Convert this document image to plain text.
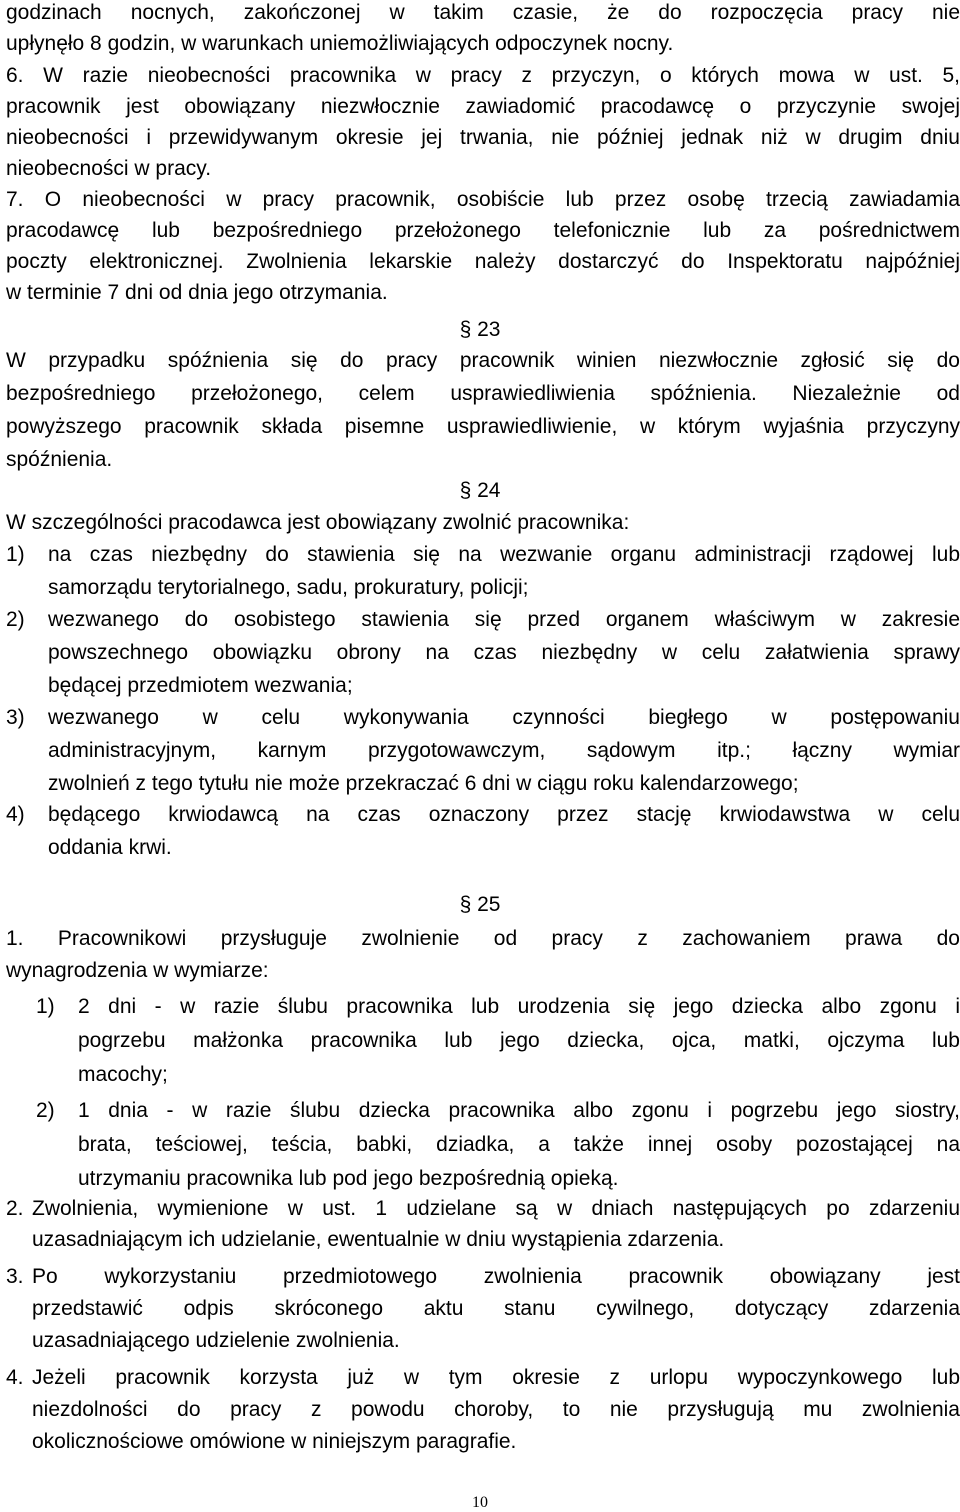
godzinach nocnych, zakończonej w takim czasie, że do rozpoczęcia pracy nie
upłynęło 8 godzin, w warunkach uniemożliwiających odpoczynek nocny.
6. W razie nieobecności pracownika w pracy z przyczyn, o których mowa w ust. 5,
pracownik jest obowiązany niezwłocznie zawiadomić pracodawcę o przyczynie swojej
nieobecności i przewidywanym okresie jej trwania, nie później jednak niż w drugim dniu
nieobecności w pracy.
7. O nieobecności w pracy pracownik, osobiście lub przez osobę trzecią zawiadamia
pracodawcę lub bezpośredniego przełożonego telefonicznie lub za pośrednictwem
poczty elektronicznej. Zwolnienia lekarskie należy dostarczyć do Inspektoratu najpóźniej
w terminie 7 dni od dnia jego otrzymania.
§ 23
W przypadku spóźnienia się do pracy pracownik winien niezwłocznie zgłosić się do
bezpośredniego przełożonego, celem usprawiedliwienia spóźnienia. Niezależnie od
powyższego pracownik składa pisemne usprawiedliwienie, w którym wyjaśnia przyczyny
spóźnienia.
§ 24
W szczególności pracodawca jest obowiązany zwolnić pracownika:
1) na czas niezbędny do stawienia się na wezwanie organu administracji rządowej lub
samorządu terytorialnego, sadu, prokuratury, policji;
2) wezwanego do osobistego stawienia się przed organem właściwym w zakresie
powszechnego obowiązku obrony na czas niezbędny w celu załatwienia sprawy
będącej przedmiotem wezwania;
3) wezwanego w celu wykonywania czynności biegłego w postępowaniu
administracyjnym, karnym przygotowawczym, sądowym itp.; łączny wymiar
zwolnień z tego tytułu nie może przekraczać 6 dni w ciągu roku kalendarzowego;
4) będącego krwiodawcą na czas oznaczony przez stację krwiodawstwa w celu
oddania krwi.
§ 25
1. Pracownikowi przysługuje zwolnienie od pracy z zachowaniem prawa do
wynagrodzenia w wymiarze:
1) 2 dni - w razie ślubu pracownika lub urodzenia się jego dziecka albo zgonu i
pogrzebu małżonka pracownika lub jego dziecka, ojca, matki, ojczyma lub
macochy;
2) 1 dnia - w razie ślubu dziecka pracownika albo zgonu i pogrzebu jego siostry,
brata, teściowej, teścia, babki, dziadka, a także innej osoby pozostającej na
utrzymaniu pracownika lub pod jego bezpośrednią opieką.
2. Zwolnienia, wymienione w ust. 1 udzielane są w dniach następujących po zdarzeniu
uzasadniającym ich udzielanie, ewentualnie w dniu wystąpienia zdarzenia.
3. Po wykorzystaniu przedmiotowego zwolnienia pracownik obowiązany jest
przedstawić odpis skróconego aktu stanu cywilnego, dotyczący zdarzenia
uzasadniającego udzielenie zwolnienia.
4. Jeżeli pracownik korzysta już w tym okresie z urlopu wypoczynkowego lub
niezdolności do pracy z powodu choroby, to nie przysługują mu zwolnienia
okolicznościowe omówione w niniejszym paragrafie.
10
